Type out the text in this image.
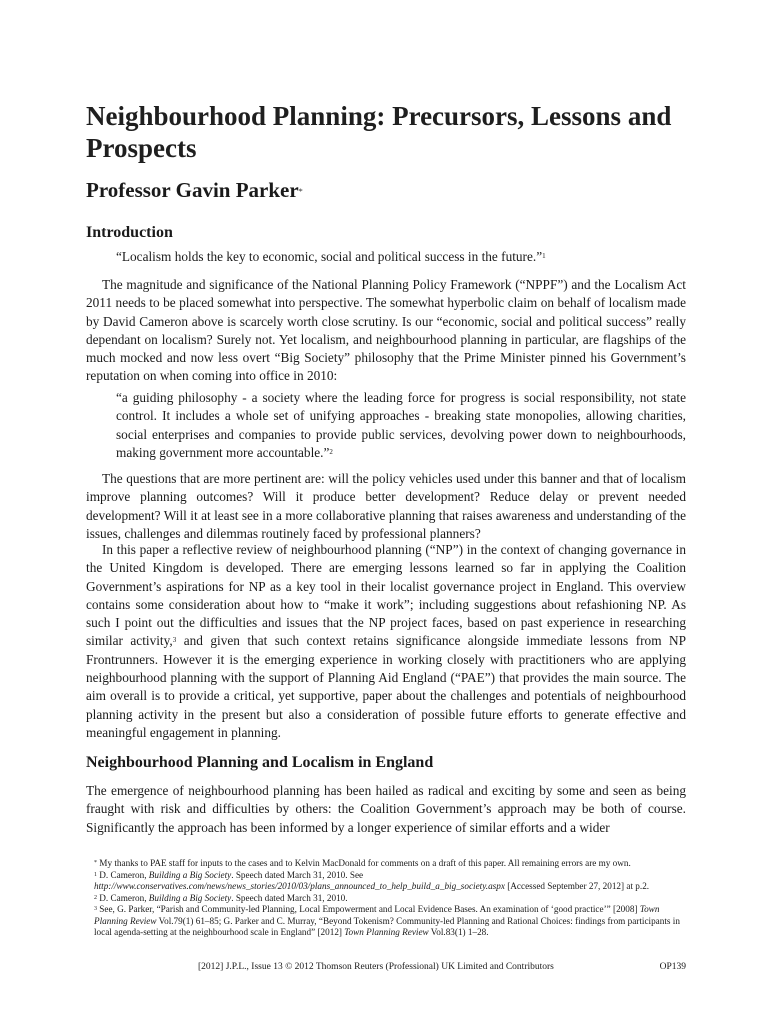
Neighbourhood Planning: Precursors, Lessons and Prospects

Professor Gavin Parker*

Introduction

“Localism holds the key to economic, social and political success in the future.”$^1$

The magnitude and significance of the National Planning Policy Framework (“NPPF”) and the Localism Act 2011 needs to be placed somewhat into perspective. The somewhat hyperbolic claim on behalf of localism made by David Cameron above is scarcely worth close scrutiny. Is our “economic, social and political success” really dependant on localism? Surely not. Yet localism, and neighbourhood planning in particular, are flagships of the much mocked and now less overt “Big Society” philosophy that the Prime Minister pinned his Government’s reputation on when coming into office in 2010:

“a guiding philosophy - a society where the leading force for progress is social responsibility, not state control. It includes a whole set of unifying approaches - breaking state monopolies, allowing charities, social enterprises and companies to provide public services, devolving power down to neighbourhoods, making government more accountable.”$^2$

The questions that are more pertinent are: will the policy vehicles used under this banner and that of localism improve planning outcomes? Will it produce better development? Reduce delay or prevent needed development? Will it at least see in a more collaborative planning that raises awareness and understanding of the issues, challenges and dilemmas routinely faced by professional planners?

In this paper a reflective review of neighbourhood planning (“NP”) in the context of changing governance in the United Kingdom is developed. There are emerging lessons learned so far in applying the Coalition Government’s aspirations for NP as a key tool in their localist governance project in England. This overview contains some consideration about how to “make it work”; including suggestions about refashioning NP. As such I point out the difficulties and issues that the NP project faces, based on past experience in researching similar activity,$^3$ and given that such context retains significance alongside immediate lessons from NP Frontrunners. However it is the emerging experience in working closely with practitioners who are applying neighbourhood planning with the support of Planning Aid England (“PAE”) that provides the main source. The aim overall is to provide a critical, yet supportive, paper about the challenges and potentials of neighbourhood planning activity in the present but also a consideration of possible future efforts to generate effective and meaningful engagement in planning.

Neighbourhood Planning and Localism in England

The emergence of neighbourhood planning has been hailed as radical and exciting by some and seen as being fraught with risk and difficulties by others: the Coalition Government’s approach may be both of course. Significantly the approach has been informed by a longer experience of similar efforts and a wider

* My thanks to PAE staff for inputs to the cases and to Kelvin MacDonald for comments on a draft of this paper. All remaining errors are my own.

$^1$ D. Cameron, Building a Big Society. Speech dated March 31, 2010. See http://www.conservatives.com/news/news_stories/2010/03/plans_announced_to_help_build_a_big_society.aspx [Accessed September 27, 2012] at p.2.

$^2$ D. Cameron, Building a Big Society. Speech dated March 31, 2010.

$^3$ See, G. Parker, “Parish and Community-led Planning, Local Empowerment and Local Evidence Bases. An examination of ‘good practice’” [2008] Town Planning Review Vol.79(1) 61–85; G. Parker and C. Murray, “Beyond Tokenism? Community-led Planning and Rational Choices: findings from participants in local agenda-setting at the neighbourhood scale in England” [2012] Town Planning Review Vol.83(1) 1–28.

[2012] J.P.L., Issue 13 © 2012 Thomson Reuters (Professional) UK Limited and Contributors	OP139
